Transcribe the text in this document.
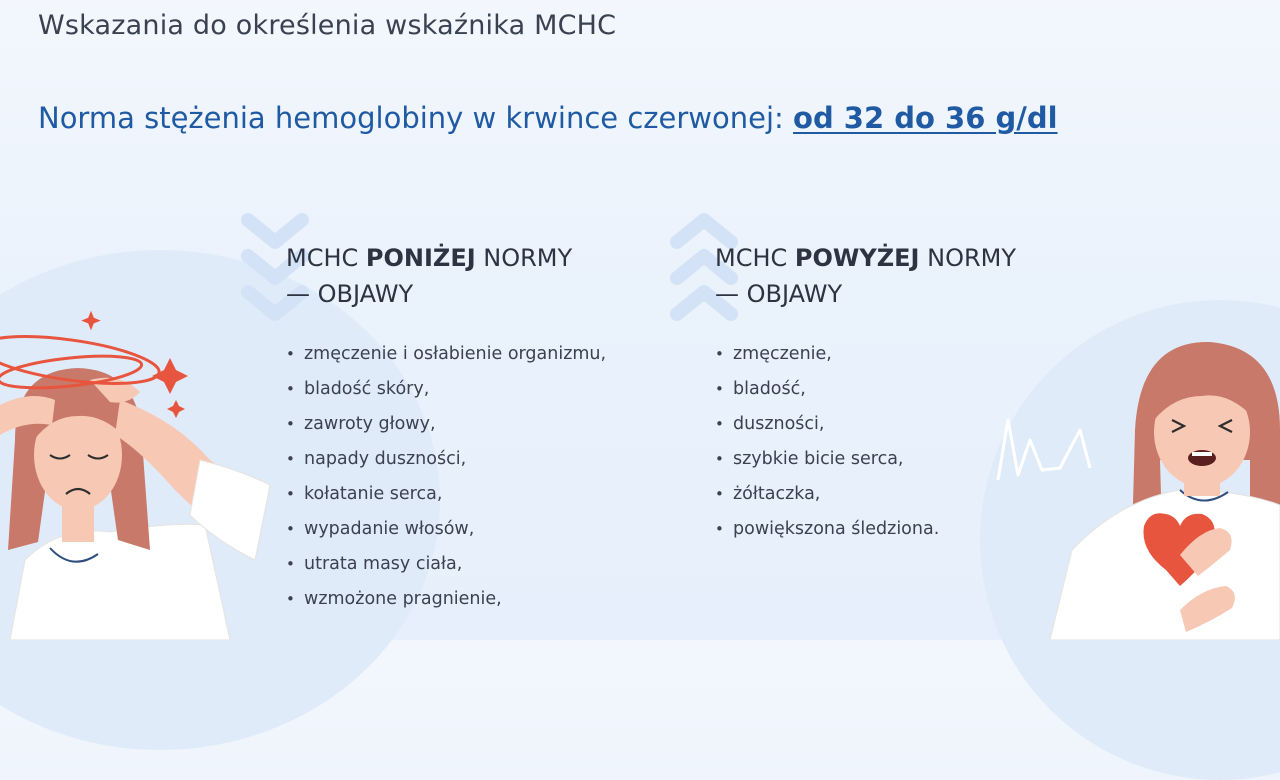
Wskazania do określenia wskaźnika MCHC

Norma stężenia hemoglobiny w krwince czerwonej: od 32 do 36 g/dl

MCHC PONIŻEJ NORMY
— OBJAWY
• zmęczenie i osłabienie organizmu,
• bladość skóry,
• zawroty głowy,
• napady duszności,
• kołatanie serca,
• wypadanie włosów,
• utrata masy ciała,
• wzmożone pragnienie,
MCHC POWYŻEJ NORMY
— OBJAWY
• zmęczenie,
• bladość,
• duszności,
• szybkie bicie serca,
• żółtaczka,
• powiększona śledziona.
